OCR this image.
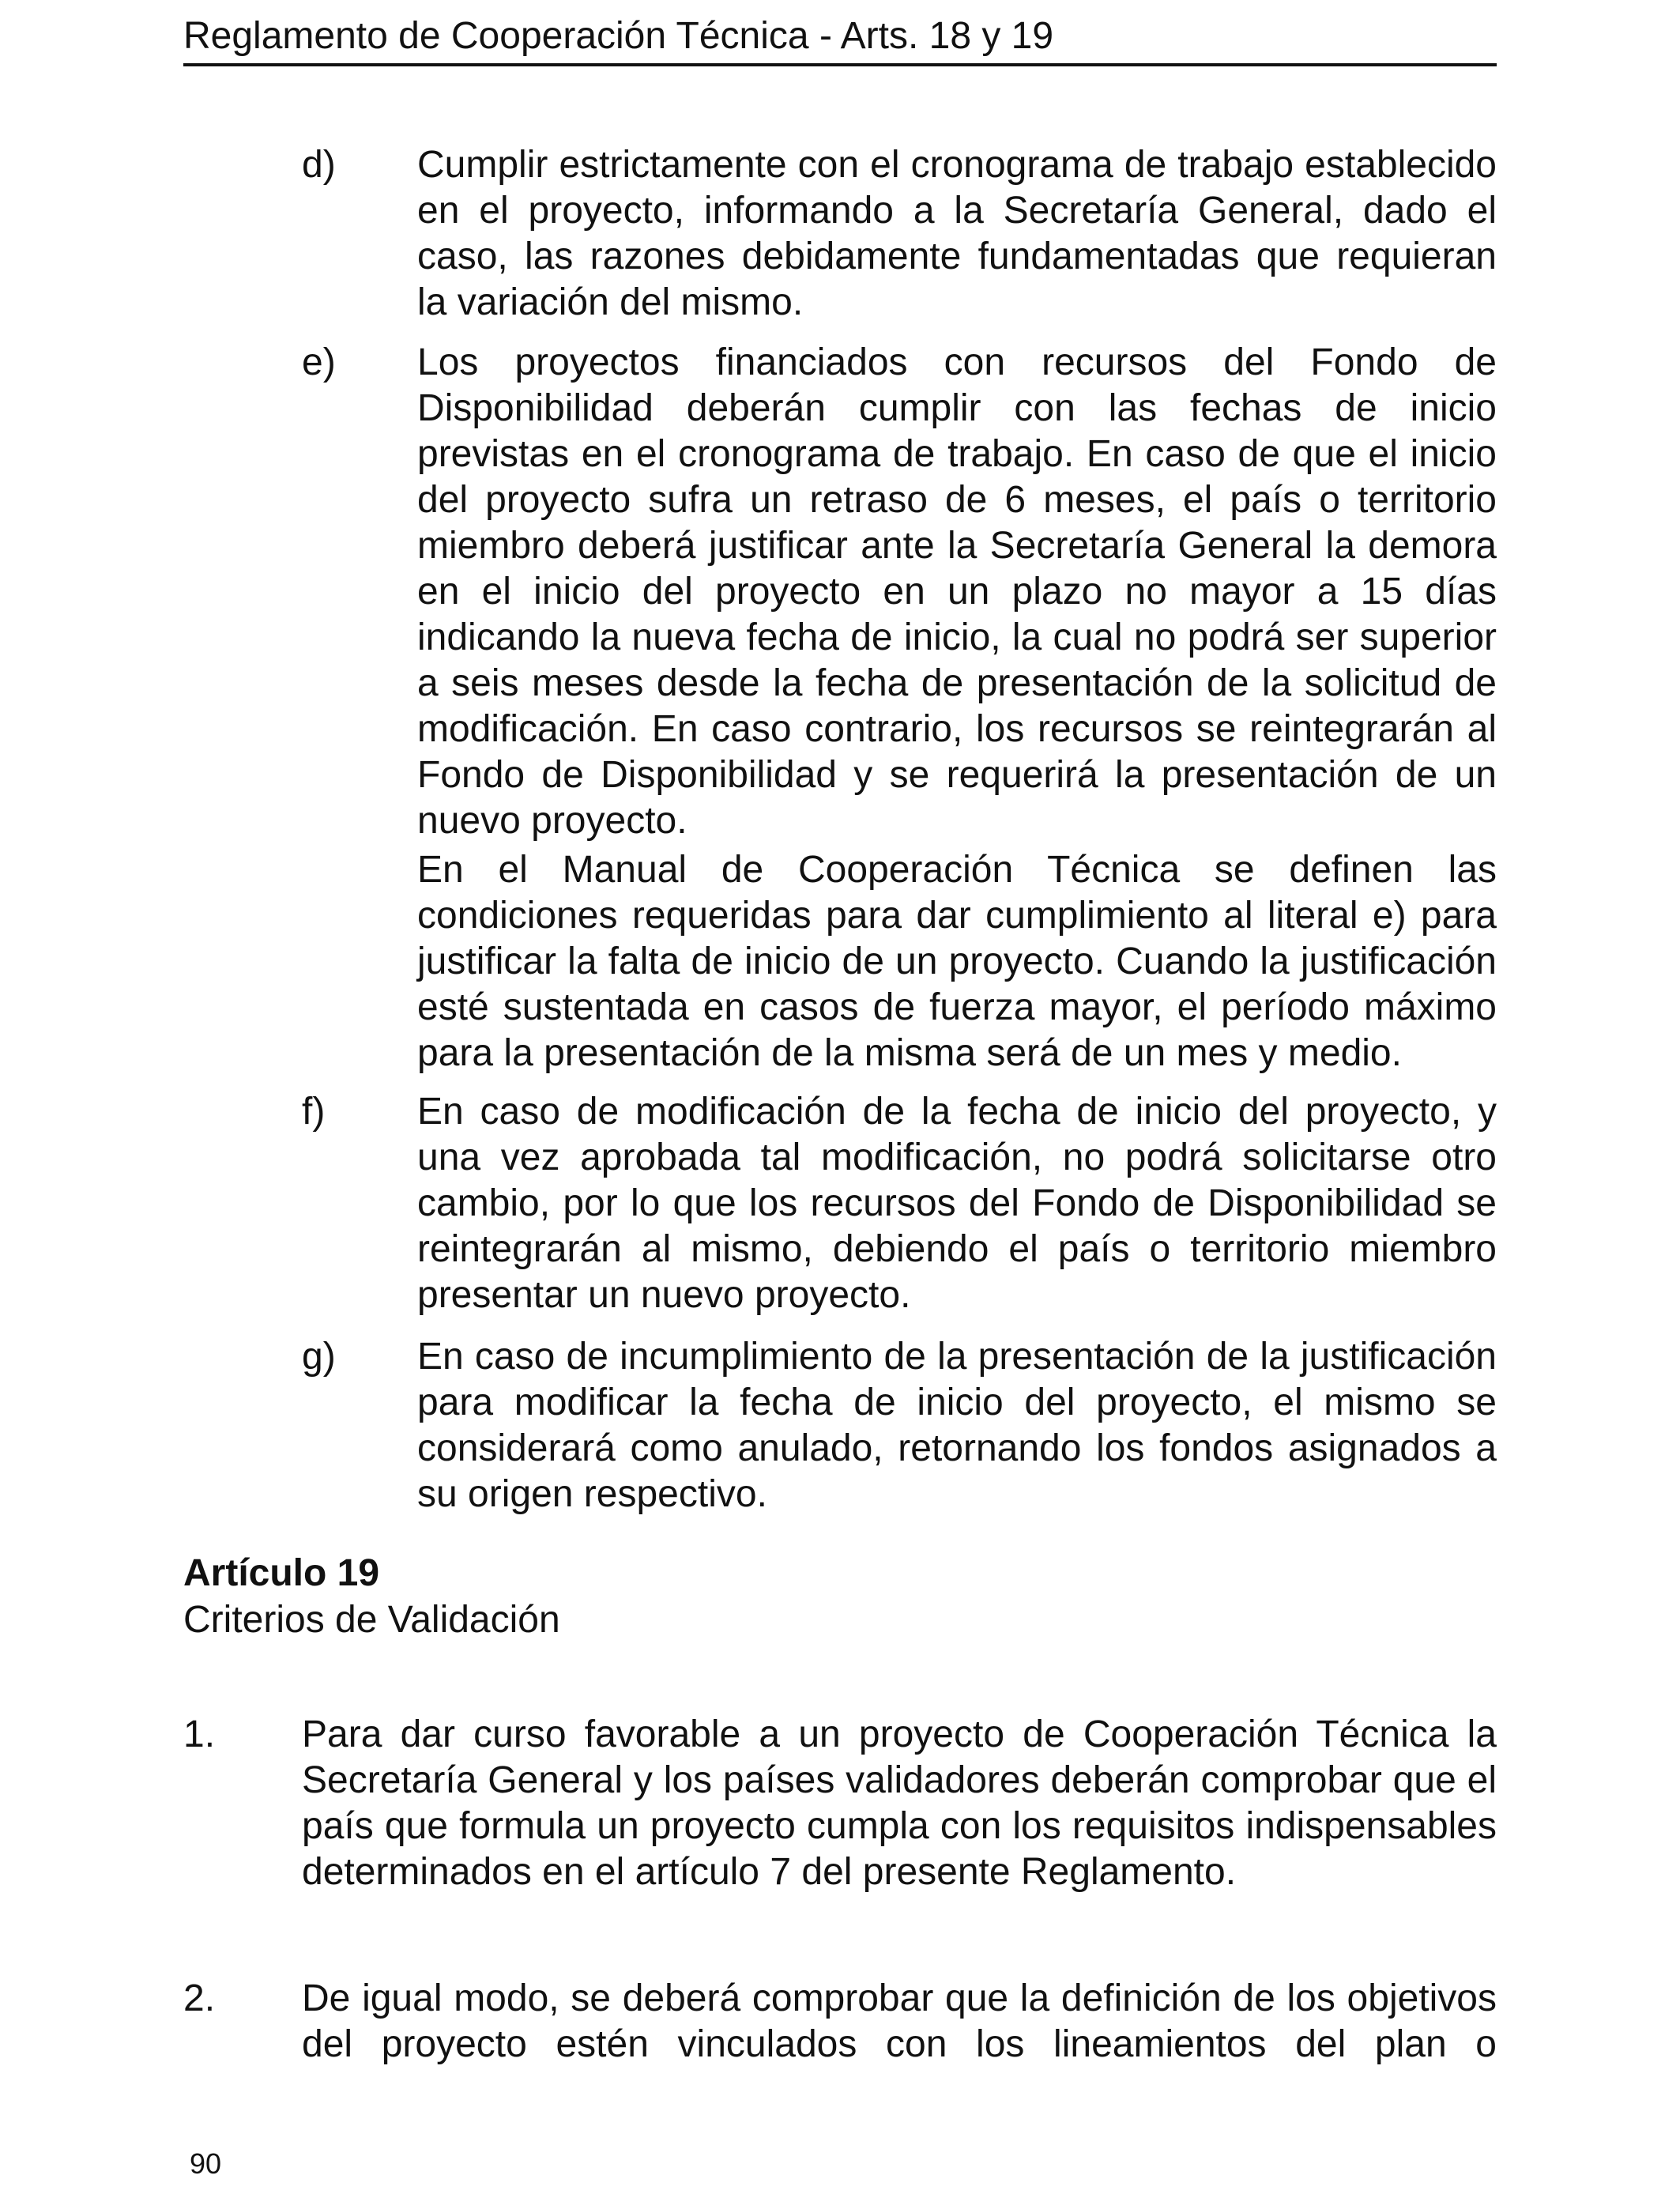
Reglamento de Cooperación Técnica - Arts. 18 y 19
d) Cumplir estrictamente con el cronograma de trabajo establecido en el proyecto, informando a la Secretaría General, dado el caso, las razones debidamente fundamentadas que requieran la variación del mismo.

e) Los proyectos financiados con recursos del Fondo de Disponibilidad deberán cumplir con las fechas de inicio previstas en el cronograma de trabajo. En caso de que el inicio del proyecto sufra un retraso de 6 meses, el país o territorio miembro deberá justificar ante la Secretaría General la demora en el inicio del proyecto en un plazo no mayor a 15 días indicando la nueva fecha de inicio, la cual no podrá ser superior a seis meses desde la fecha de presentación de la solicitud de modificación. En caso contrario, los recursos se reintegrarán al Fondo de Disponibilidad y se requerirá la presentación de un nuevo proyecto.

En el Manual de Cooperación Técnica se definen las condiciones requeridas para dar cumplimiento al literal e) para justificar la falta de inicio de un proyecto. Cuando la justificación esté sustentada en casos de fuerza mayor, el período máximo para la presentación de la misma será de un mes y medio.

f) En caso de modificación de la fecha de inicio del proyecto, y una vez aprobada tal modificación, no podrá solicitarse otro cambio, por lo que los recursos del Fondo de Disponibilidad se reintegrarán al mismo, debiendo el país o territorio miembro presentar un nuevo proyecto.

g) En caso de incumplimiento de la presentación de la justificación para modificar la fecha de inicio del proyecto, el mismo se considerará como anulado, retornando los fondos asignados a su origen respectivo.

Artículo 19
Criterios de Validación
1. Para dar curso favorable a un proyecto de Cooperación Técnica la Secretaría General y los países validadores deberán comprobar que el país que formula un proyecto cumpla con los requisitos indispensables determinados en el artículo 7 del presente Reglamento.

2. De igual modo, se deberá comprobar que la definición de los objetivos del proyecto estén vinculados con los lineamientos del plan o

90
